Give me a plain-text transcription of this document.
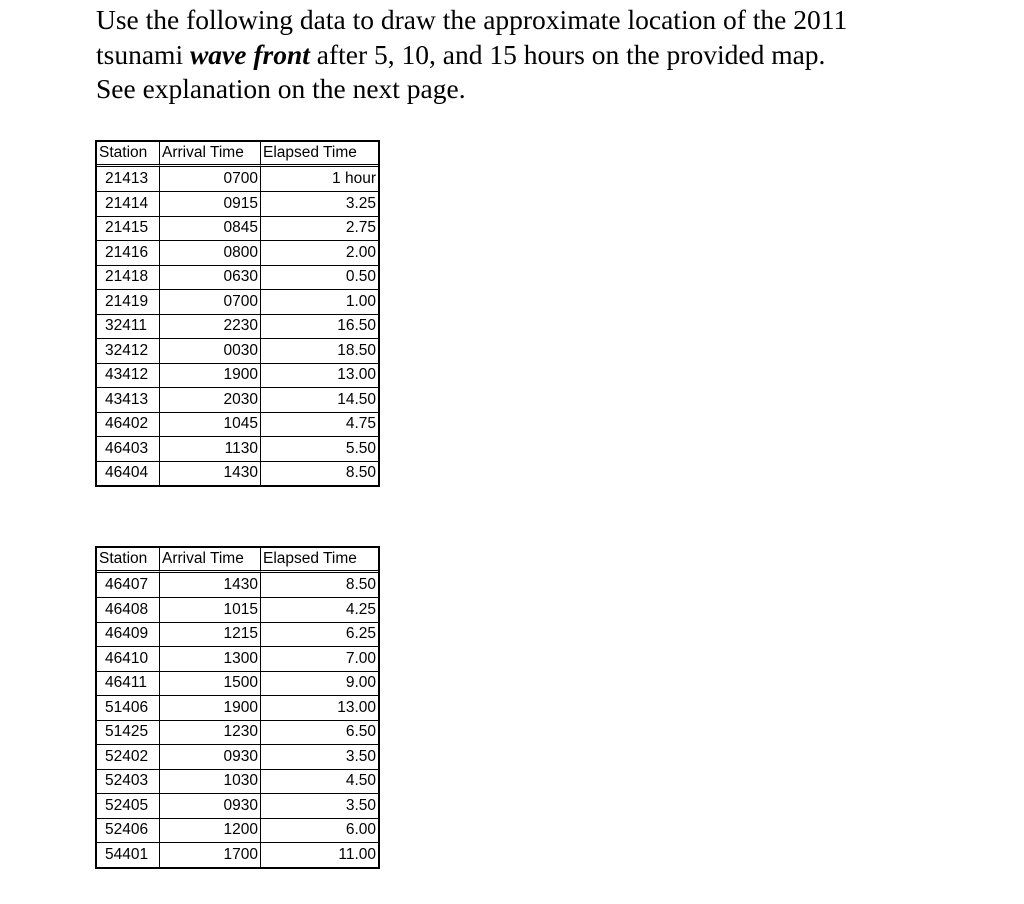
Use the following data to draw the approximate location of the 2011
tsunami wave front after 5, 10, and 15 hours on the provided map.
See explanation on the next page.
Station	Arrival Time	Elapsed Time
21413	0700	1 hour
21414	0915	3.25
21415	0845	2.75
21416	0800	2.00
21418	0630	0.50
21419	0700	1.00
32411	2230	16.50
32412	0030	18.50
43412	1900	13.00
43413	2030	14.50
46402	1045	4.75
46403	1130	5.50
46404	1430	8.50
Station	Arrival Time	Elapsed Time
46407	1430	8.50
46408	1015	4.25
46409	1215	6.25
46410	1300	7.00
46411	1500	9.00
51406	1900	13.00
51425	1230	6.50
52402	0930	3.50
52403	1030	4.50
52405	0930	3.50
52406	1200	6.00
54401	1700	11.00
